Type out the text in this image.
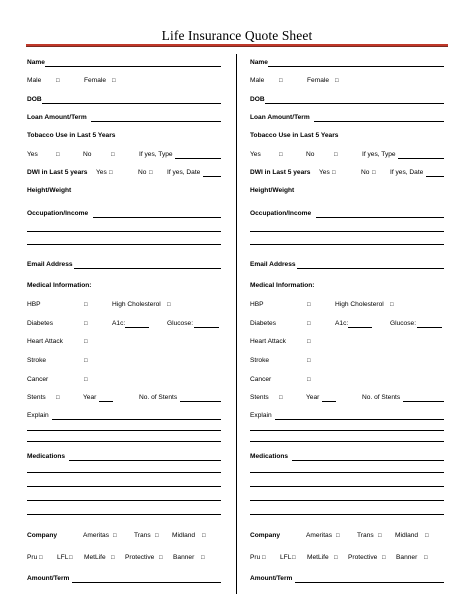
Life Insurance Quote Sheet
Name
Male □	Female □
DOB
Loan Amount/Term
Tobacco Use in Last 5 Years
Yes	□	No	□	If yes, Type
DWI in Last 5 years Yes □	No □ If yes, Date
Height/Weight
Occupation/Income
Email Address
Medical Information:
HBP	□	High Cholesterol □
Diabetes	□	A1c:	Glucose:
Heart Attack	□
Stroke	□
Cancer	□
Stents □	Year	No. of Stents
Explain
Medications
Company	Ameritas □	Trans □ Midland □
Pru □ LFL □ MetLife □ Protective □ Banner □
Amount/Term
Name
Male □	Female □
DOB
Loan Amount/Term
Tobacco Use in Last 5 Years
Yes	□	No	□	If yes, Type
DWI in Last 5 years Yes □	No □ If yes, Date
Height/Weight
Occupation/Income
Email Address
Medical Information:
HBP	□	High Cholesterol □
Diabetes	□	A1c:	Glucose:
Heart Attack	□
Stroke	□
Cancer	□
Stents □	Year	No. of Stents
Explain
Medications
Company	Ameritas □	Trans □ Midland □
Pru □ LFL □ MetLife □ Protective □ Banner □
Amount/Term
